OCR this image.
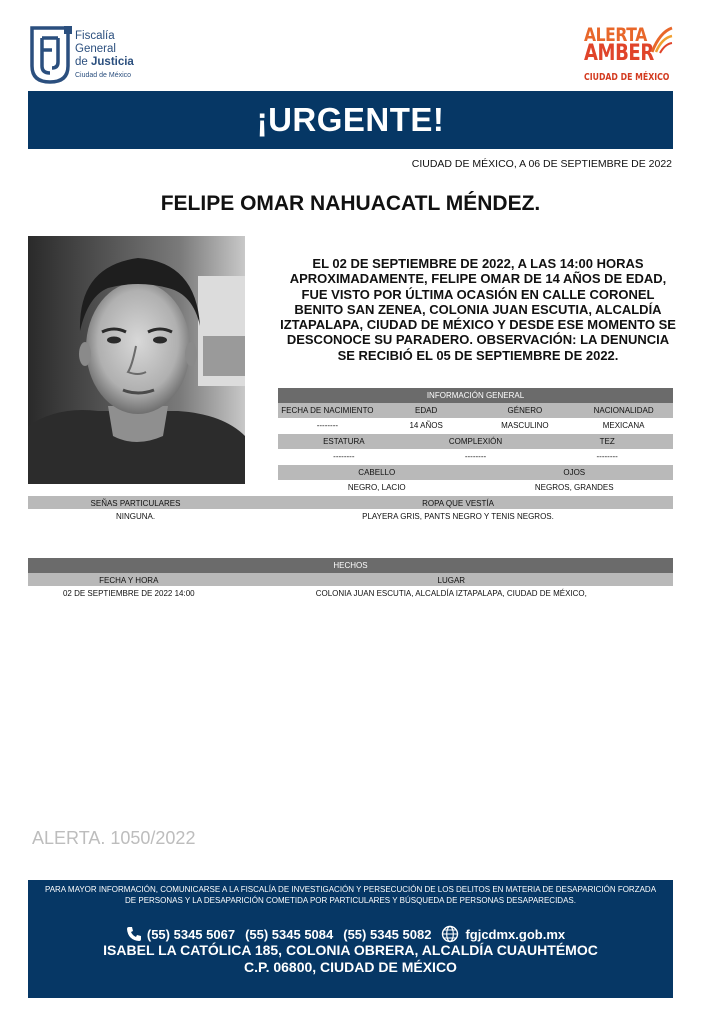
Fiscalía
General
de Justicia
Ciudad de México
ALERTA
AMBER
CIUDAD DE MÉXICO
¡URGENTE!
CIUDAD DE MÉXICO, A 06 DE SEPTIEMBRE DE 2022
FELIPE OMAR NAHUACATL MÉNDEZ.
EL 02 DE SEPTIEMBRE DE 2022, A LAS 14:00 HORAS APROXIMADAMENTE, FELIPE OMAR DE 14 AÑOS DE EDAD, FUE VISTO POR ÚLTIMA OCASIÓN EN CALLE CORONEL BENITO SAN ZENEA, COLONIA JUAN ESCUTIA, ALCALDÍA IZTAPALAPA, CIUDAD DE MÉXICO Y DESDE ESE MOMENTO SE DESCONOCE SU PARADERO. OBSERVACIÓN: LA DENUNCIA SE RECIBIÓ EL 05 DE SEPTIEMBRE DE 2022.
INFORMACIÓN GENERAL
FECHA DE NACIMIENTO	EDAD	GÉNERO	NACIONALIDAD
--------	14 AÑOS	MASCULINO	MEXICANA
ESTATURA	COMPLEXIÓN	TEZ
--------	--------	--------
CABELLO	OJOS
NEGRO, LACIO	NEGROS, GRANDES
SEÑAS PARTICULARES	ROPA QUE VESTÍA
NINGUNA.	PLAYERA GRIS, PANTS NEGRO Y TENIS NEGROS.
HECHOS
FECHA Y HORA	LUGAR
02 DE SEPTIEMBRE DE 2022 14:00	COLONIA JUAN ESCUTIA, ALCALDÍA IZTAPALAPA, CIUDAD DE MÉXICO,
ALERTA. 1050/2022
PARA MAYOR INFORMACIÓN, COMUNICARSE A LA FISCALÍA DE INVESTIGACIÓN Y PERSECUCIÓN DE LOS DELITOS EN MATERIA DE DESAPARICIÓN FORZADA DE PERSONAS Y LA DESAPARICIÓN COMETIDA POR PARTICULARES Y BÚSQUEDA DE PERSONAS DESAPARECIDAS.
(55) 5345 5067 (55) 5345 5084 (55) 5345 5082	fgjcdmx.gob.mx
ISABEL LA CATÓLICA 185, COLONIA OBRERA, ALCALDÍA CUAUHTÉMOC
C.P. 06800, CIUDAD DE MÉXICO
